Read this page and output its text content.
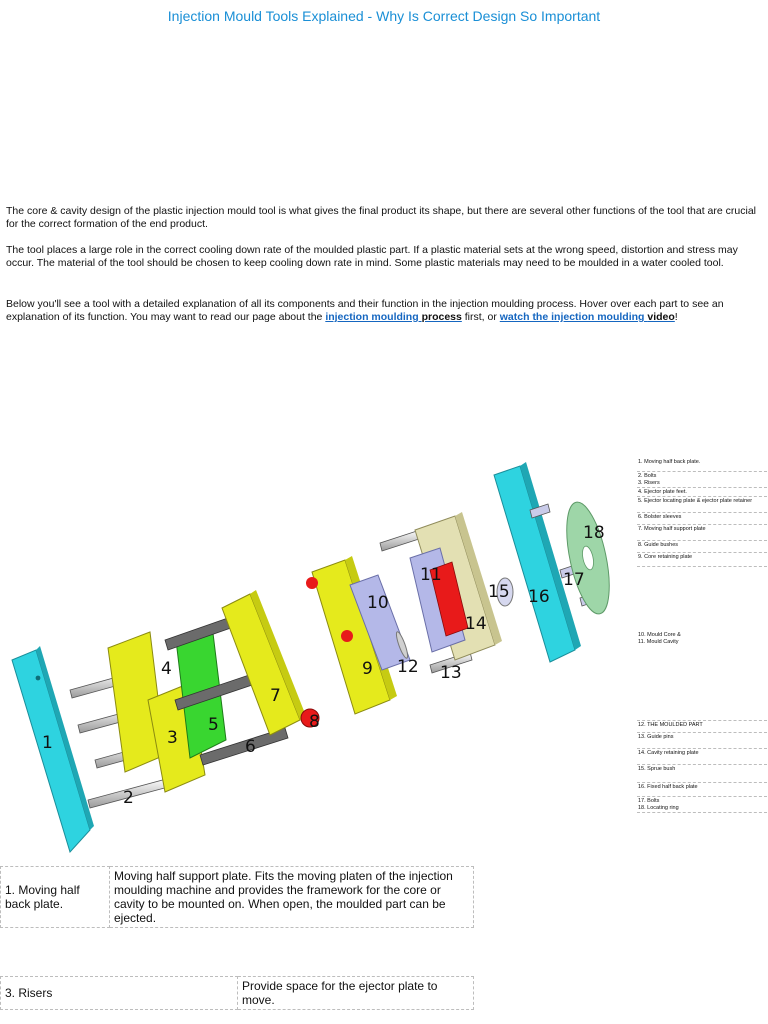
Injection Mould Tools Explained - Why Is Correct Design So Important

The core & cavity design of the plastic injection mould tool is what gives the final product its shape, but there are several other functions of the tool that are crucial for the correct formation of the end product.

The tool places a large role in the correct cooling down rate of the moulded plastic part. If a plastic material sets at the wrong speed, distortion and stress may occur. The material of the tool should be chosen to keep cooling down rate in mind. Some plastic materials may need to be moulded in a water cooled tool.

Below you'll see a tool with a detailed explanation of all its components and their function in the injection moulding process. Hover over each part to see an explanation of its function. You may want to read our page about the injection moulding process first, or watch the injection moulding video!

1
2
3
4
5
6
7
8
9
10
11
12 13
14
15 16
17
18
1. Moving half back plate.
2. Bolts
3. Risers
4. Ejector plate feet.
5. Ejector locating plate & ejector plate retainer
6. Bolster sleeves
7. Moving half support plate
8. Guide bushes
9. Core retaining plate
10. Mould Core &
11. Mould Cavity
12. THE MOULDED PART
13. Guide pins
14. Cavity retaining plate
15. Sprue bush
16. Fixed half back plate
17. Bolts
18. Locating ring
1. Moving half back plate.	Moving half support plate. Fits the moving platen of the injection moulding machine and provides the framework for the core or cavity to be mounted on. When open, the moulded part can be ejected.
3. Risers	Provide space for the ejector plate to move.
